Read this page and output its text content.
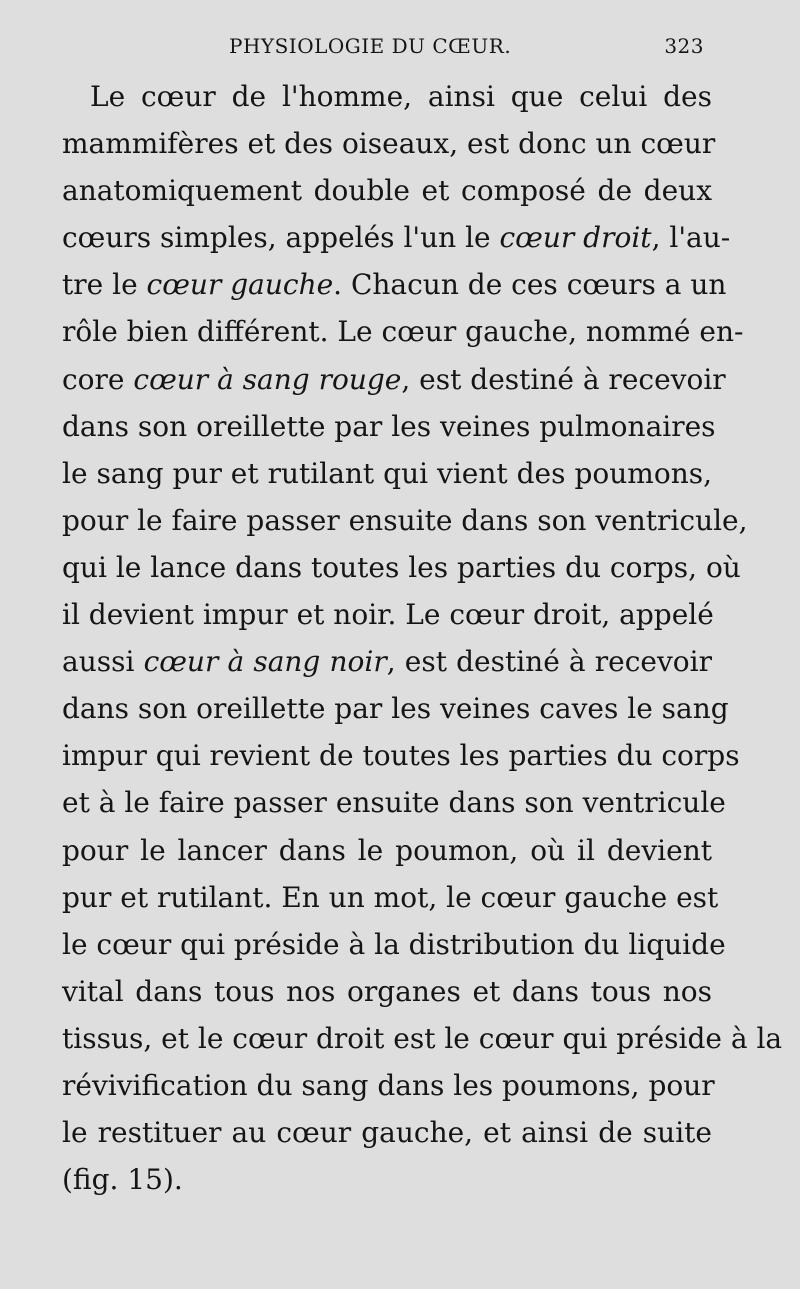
PHYSIOLOGIE DU CŒUR.	323
Le cœur de l'homme, ainsi que celui des
mammifères et des oiseaux, est donc un cœur
anatomiquement double et composé de deux
cœurs simples, appelés l'un le cœur droit, l'au-
tre le cœur gauche. Chacun de ces cœurs a un
rôle bien différent. Le cœur gauche, nommé en-
core cœur à sang rouge, est destiné à recevoir
dans son oreillette par les veines pulmonaires
le sang pur et rutilant qui vient des poumons,
pour le faire passer ensuite dans son ventricule,
qui le lance dans toutes les parties du corps, où
il devient impur et noir. Le cœur droit, appelé
aussi cœur à sang noir, est destiné à recevoir
dans son oreillette par les veines caves le sang
impur qui revient de toutes les parties du corps
et à le faire passer ensuite dans son ventricule
pour le lancer dans le poumon, où il devient
pur et rutilant. En un mot, le cœur gauche est
le cœur qui préside à la distribution du liquide
vital dans tous nos organes et dans tous nos
tissus, et le cœur droit est le cœur qui préside à la
révivification du sang dans les poumons, pour
le restituer au cœur gauche, et ainsi de suite
(fig. 15).
